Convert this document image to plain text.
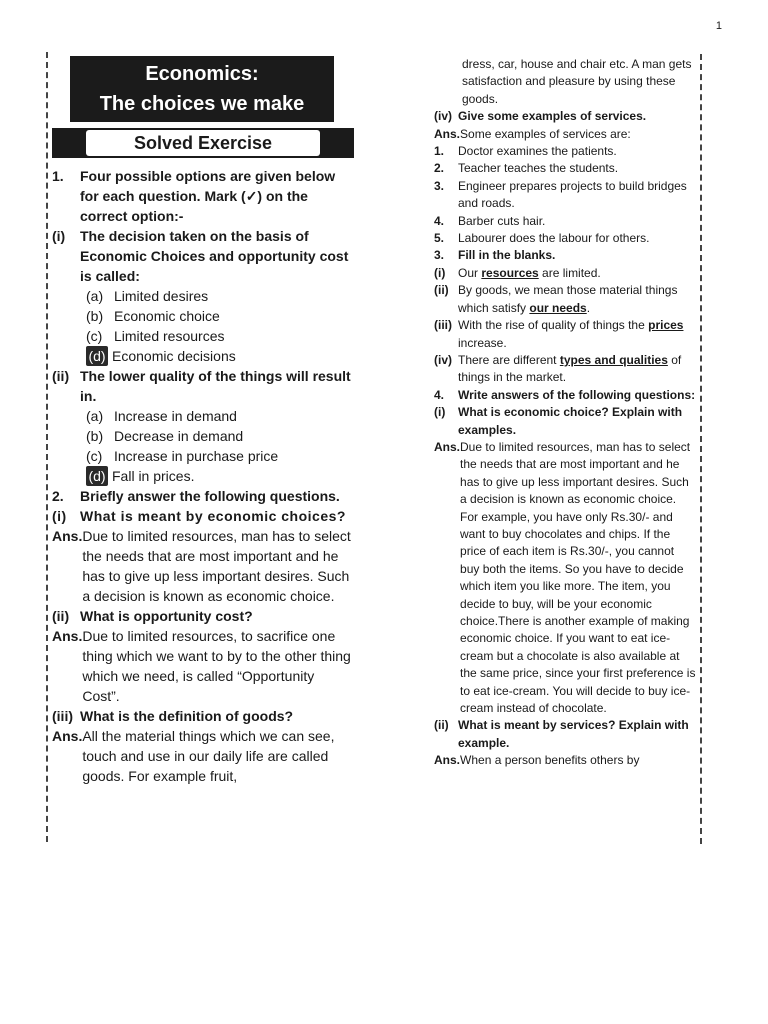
1
Economics:
The choices we make
Solved Exercise
1.	Four possible options are given below for each question. Mark (✓) on the correct option:-
(i)	The decision taken on the basis of Economic Choices and opportunity cost is called:
(a) Limited desires
(b) Economic choice
(c) Limited resources
(d) Economic decisions
(ii) The lower quality of the things will result in.
(a) Increase in demand
(b) Decrease in demand
(c) Increase in purchase price
(d) Fall in prices.
2.	Briefly answer the following questions.
(i) What is meant by economic choices?
Ans. Due to limited resources, man has to select the needs that are most important and he has to give up less important desires. Such a decision is known as economic choice.
(ii) What is opportunity cost?
Ans. Due to limited resources, to sacrifice one thing which we want to by to the other thing which we need, is called “Opportunity Cost”.
(iii) What is the definition of goods?
Ans. All the material things which we can see, touch and use in our daily life are called goods. For example fruit,
dress, car, house and chair etc. A man gets satisfaction and pleasure by using these goods.
(iv) Give some examples of services.
Ans. Some examples of services are:
1.	Doctor examines the patients.
2.	Teacher teaches the students.
3.	Engineer prepares projects to build bridges and roads.
4.	Barber cuts hair.
5.	Labourer does the labour for others.
3.	Fill in the blanks.
(i)	Our resources are limited.
(ii) By goods, we mean those material things which satisfy our needs.
(iii) With the rise of quality of things the prices increase.
(iv) There are different types and qualities of things in the market.
4.	Write answers of the following questions:
(i)	What is economic choice? Explain with examples.
Ans. Due to limited resources, man has to select the needs that are most important and he has to give up less important desires. Such a decision is known as economic choice. For example, you have only Rs.30/- and want to buy chocolates and chips. If the price of each item is Rs.30/-, you cannot buy both the items. So you have to decide which item you like more. The item, you decide to buy, will be your economic choice.There is another example of making economic choice. If you want to eat ice-cream but a chocolate is also available at the same price, since your first preference is to eat ice-cream. You will decide to buy ice-cream instead of chocolate.
(ii) What is meant by services? Explain with example.
Ans. When a person benefits others by
